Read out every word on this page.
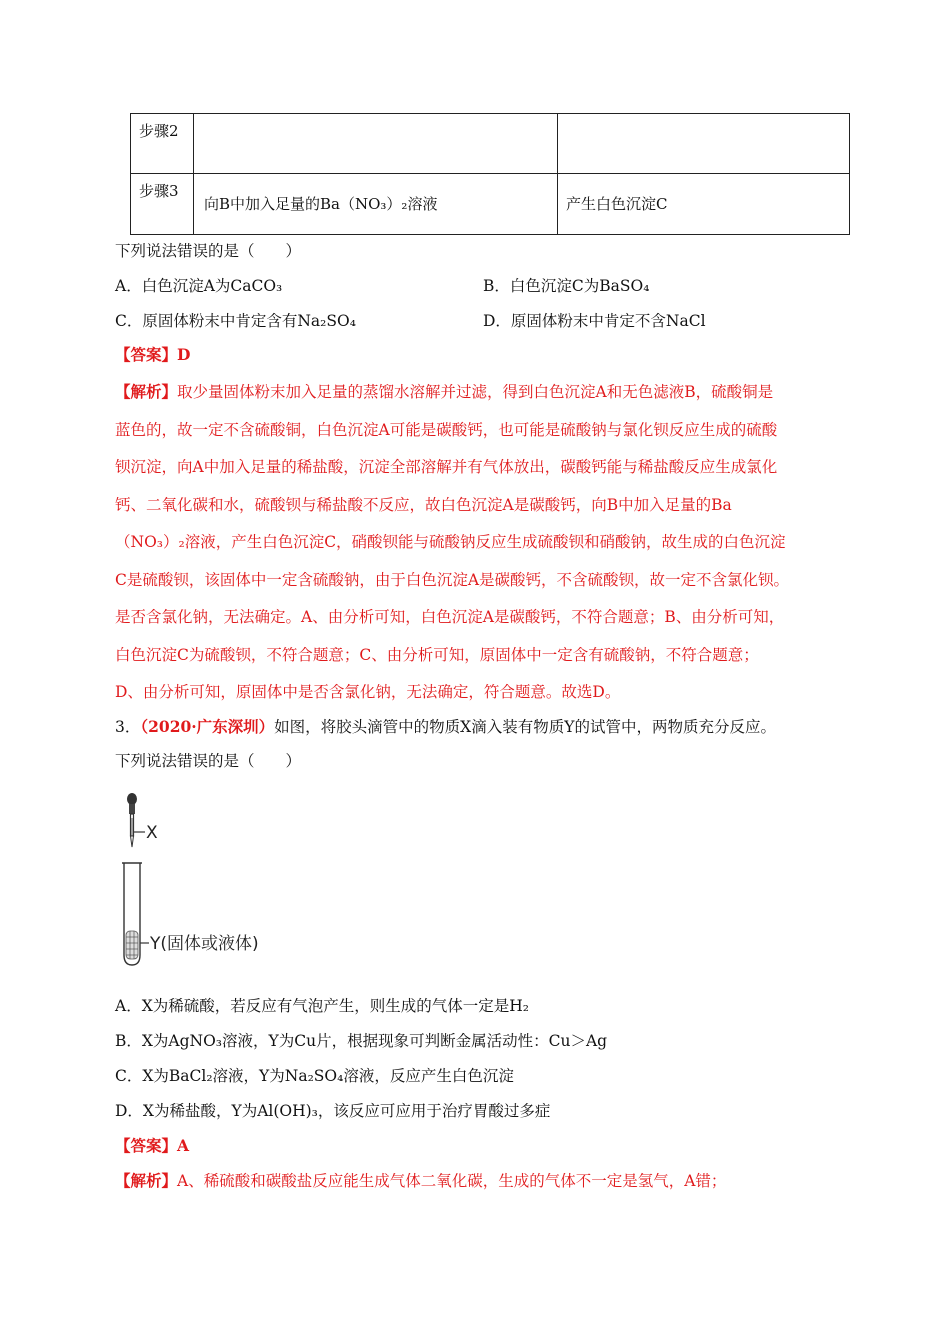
步骤2		
步骤3	向B中加入足量的Ba（NO₃）₂溶液	产生白色沉淀C
下列说法错误的是（　　）
A．白色沉淀A为CaCO₃	B．白色沉淀C为BaSO₄
C．原固体粉末中肯定含有Na₂SO₄	D．原固体粉末中肯定不含NaCl
【答案】D
【解析】取少量固体粉末加入足量的蒸馏水溶解并过滤，得到白色沉淀A和无色滤液B，硫酸铜是
蓝色的，故一定不含硫酸铜，白色沉淀A可能是碳酸钙，也可能是硫酸钠与氯化钡反应生成的硫酸
钡沉淀，向A中加入足量的稀盐酸，沉淀全部溶解并有气体放出，碳酸钙能与稀盐酸反应生成氯化
钙、二氧化碳和水，硫酸钡与稀盐酸不反应，故白色沉淀A是碳酸钙，向B中加入足量的Ba
（NO₃）₂溶液，产生白色沉淀C，硝酸钡能与硫酸钠反应生成硫酸钡和硝酸钠，故生成的白色沉淀
C是硫酸钡，该固体中一定含硫酸钠，由于白色沉淀A是碳酸钙，不含硫酸钡，故一定不含氯化钡。
是否含氯化钠，无法确定。A、由分析可知，白色沉淀A是碳酸钙，不符合题意；B、由分析可知，
白色沉淀C为硫酸钡，不符合题意；C、由分析可知，原固体中一定含有硫酸钠，不符合题意；
D、由分析可知，原固体中是否含氯化钠，无法确定，符合题意。故选D。
3．（2020·广东深圳）如图，将胶头滴管中的物质X滴入装有物质Y的试管中，两物质充分反应。
下列说法错误的是（　　）
X
Y(固体或液体)
A．X为稀硫酸，若反应有气泡产生，则生成的气体一定是H₂
B．X为AgNO₃溶液，Y为Cu片，根据现象可判断金属活动性：Cu＞Ag
C．X为BaCl₂溶液，Y为Na₂SO₄溶液，反应产生白色沉淀
D．X为稀盐酸，Y为Al(OH)₃，该反应可应用于治疗胃酸过多症
【答案】A
【解析】A、稀硫酸和碳酸盐反应能生成气体二氧化碳，生成的气体不一定是氢气，A错；
